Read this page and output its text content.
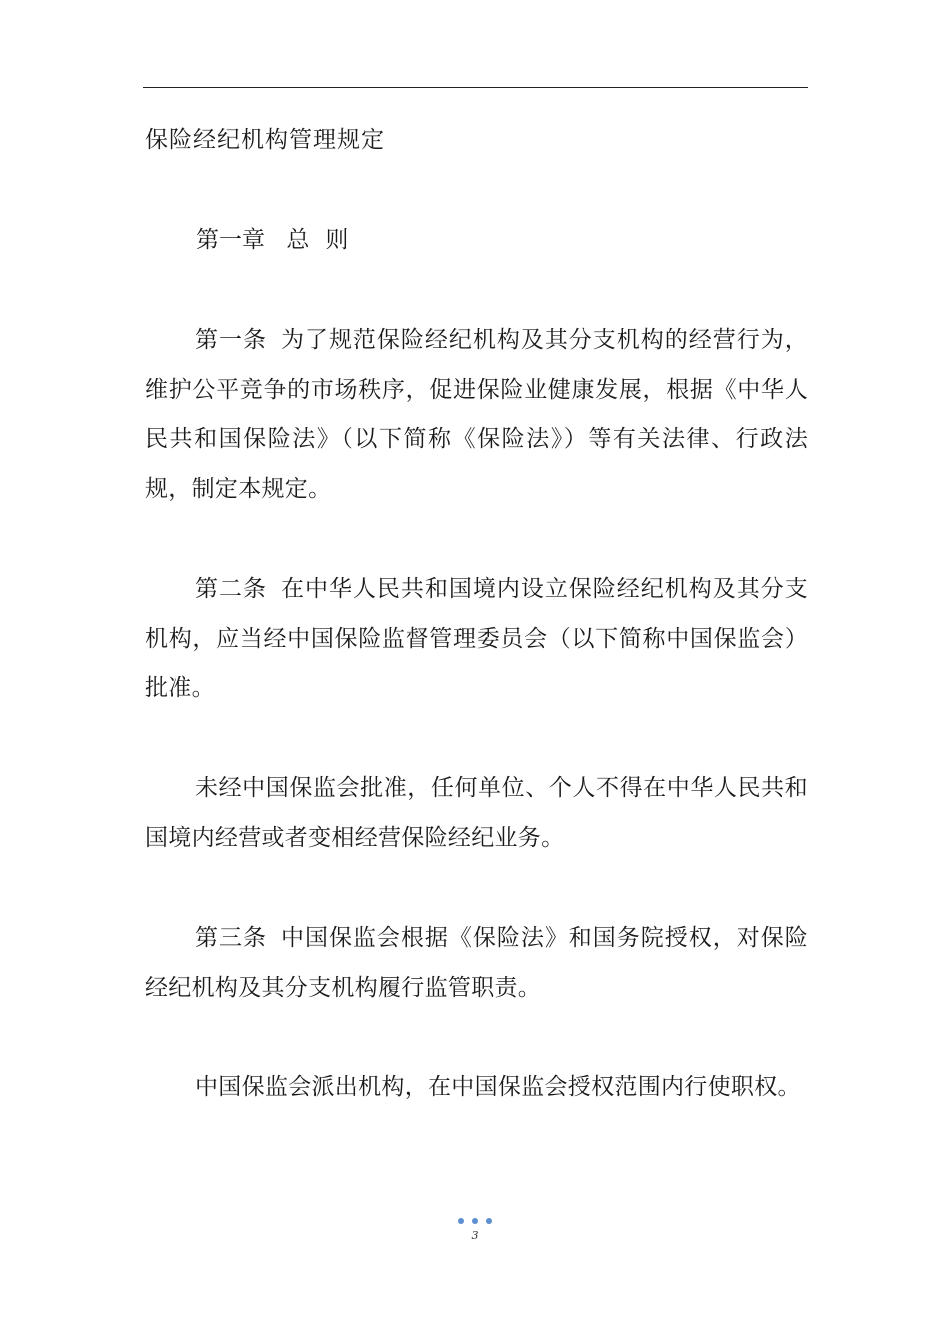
保险经纪机构管理规定
第一章 总则
第一条 为了规范保险经纪机构及其分支机构的经营行为，维护公平竞争的市场秩序，促进保险业健康发展，根据《中华人民共和国保险法》（以下简称《保险法》）等有关法律、行政法规，制定本规定。
第二条 在中华人民共和国境内设立保险经纪机构及其分支机构，应当经中国保险监督管理委员会（以下简称中国保监会）批准。
未经中国保监会批准，任何单位、个人不得在中华人民共和国境内经营或者变相经营保险经纪业务。
第三条 中国保监会根据《保险法》和国务院授权，对保险经纪机构及其分支机构履行监管职责。
中国保监会派出机构，在中国保监会授权范围内行使职权。
3
